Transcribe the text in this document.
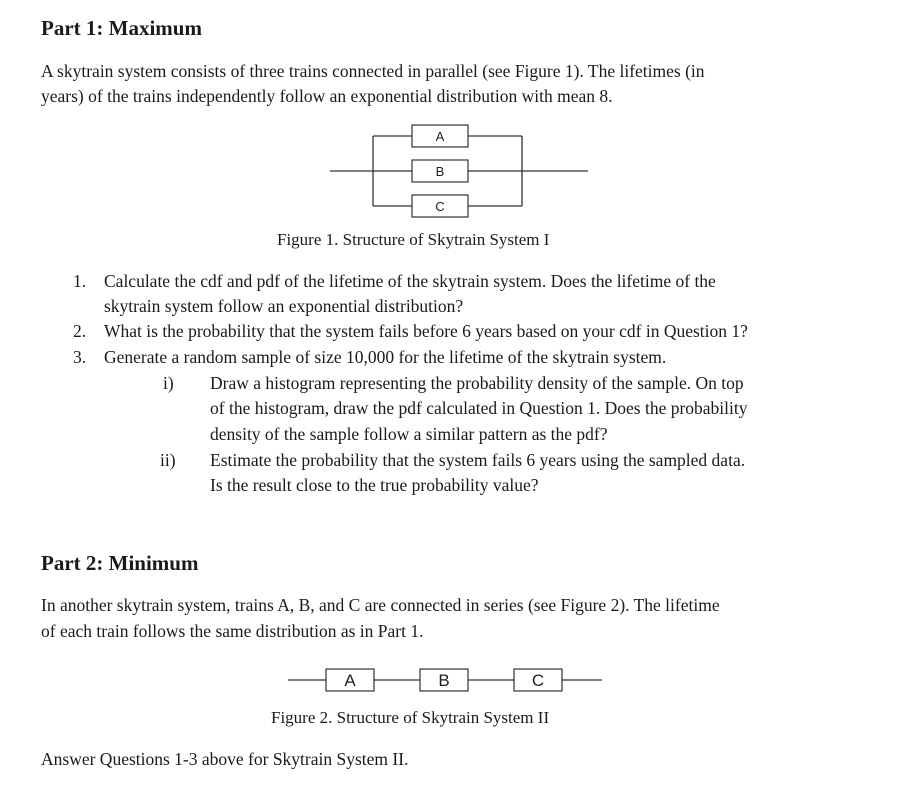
Part 1: Maximum
A skytrain system consists of three trains connected in parallel (see Figure 1). The lifetimes (in
years) of the trains independently follow an exponential distribution with mean 8.
A
B
C
Figure 1. Structure of Skytrain System I
1. Calculate the cdf and pdf of the lifetime of the skytrain system. Does the lifetime of the
skytrain system follow an exponential distribution?
2. What is the probability that the system fails before 6 years based on your cdf in Question 1?
3. Generate a random sample of size 10,000 for the lifetime of the skytrain system.
i) Draw a histogram representing the probability density of the sample. On top
of the histogram, draw the pdf calculated in Question 1. Does the probability
density of the sample follow a similar pattern as the pdf?
ii) Estimate the probability that the system fails 6 years using the sampled data.
Is the result close to the true probability value?
Part 2: Minimum
In another skytrain system, trains A, B, and C are connected in series (see Figure 2). The lifetime
of each train follows the same distribution as in Part 1.
A	B	C
Figure 2. Structure of Skytrain System II
Answer Questions 1-3 above for Skytrain System II.
